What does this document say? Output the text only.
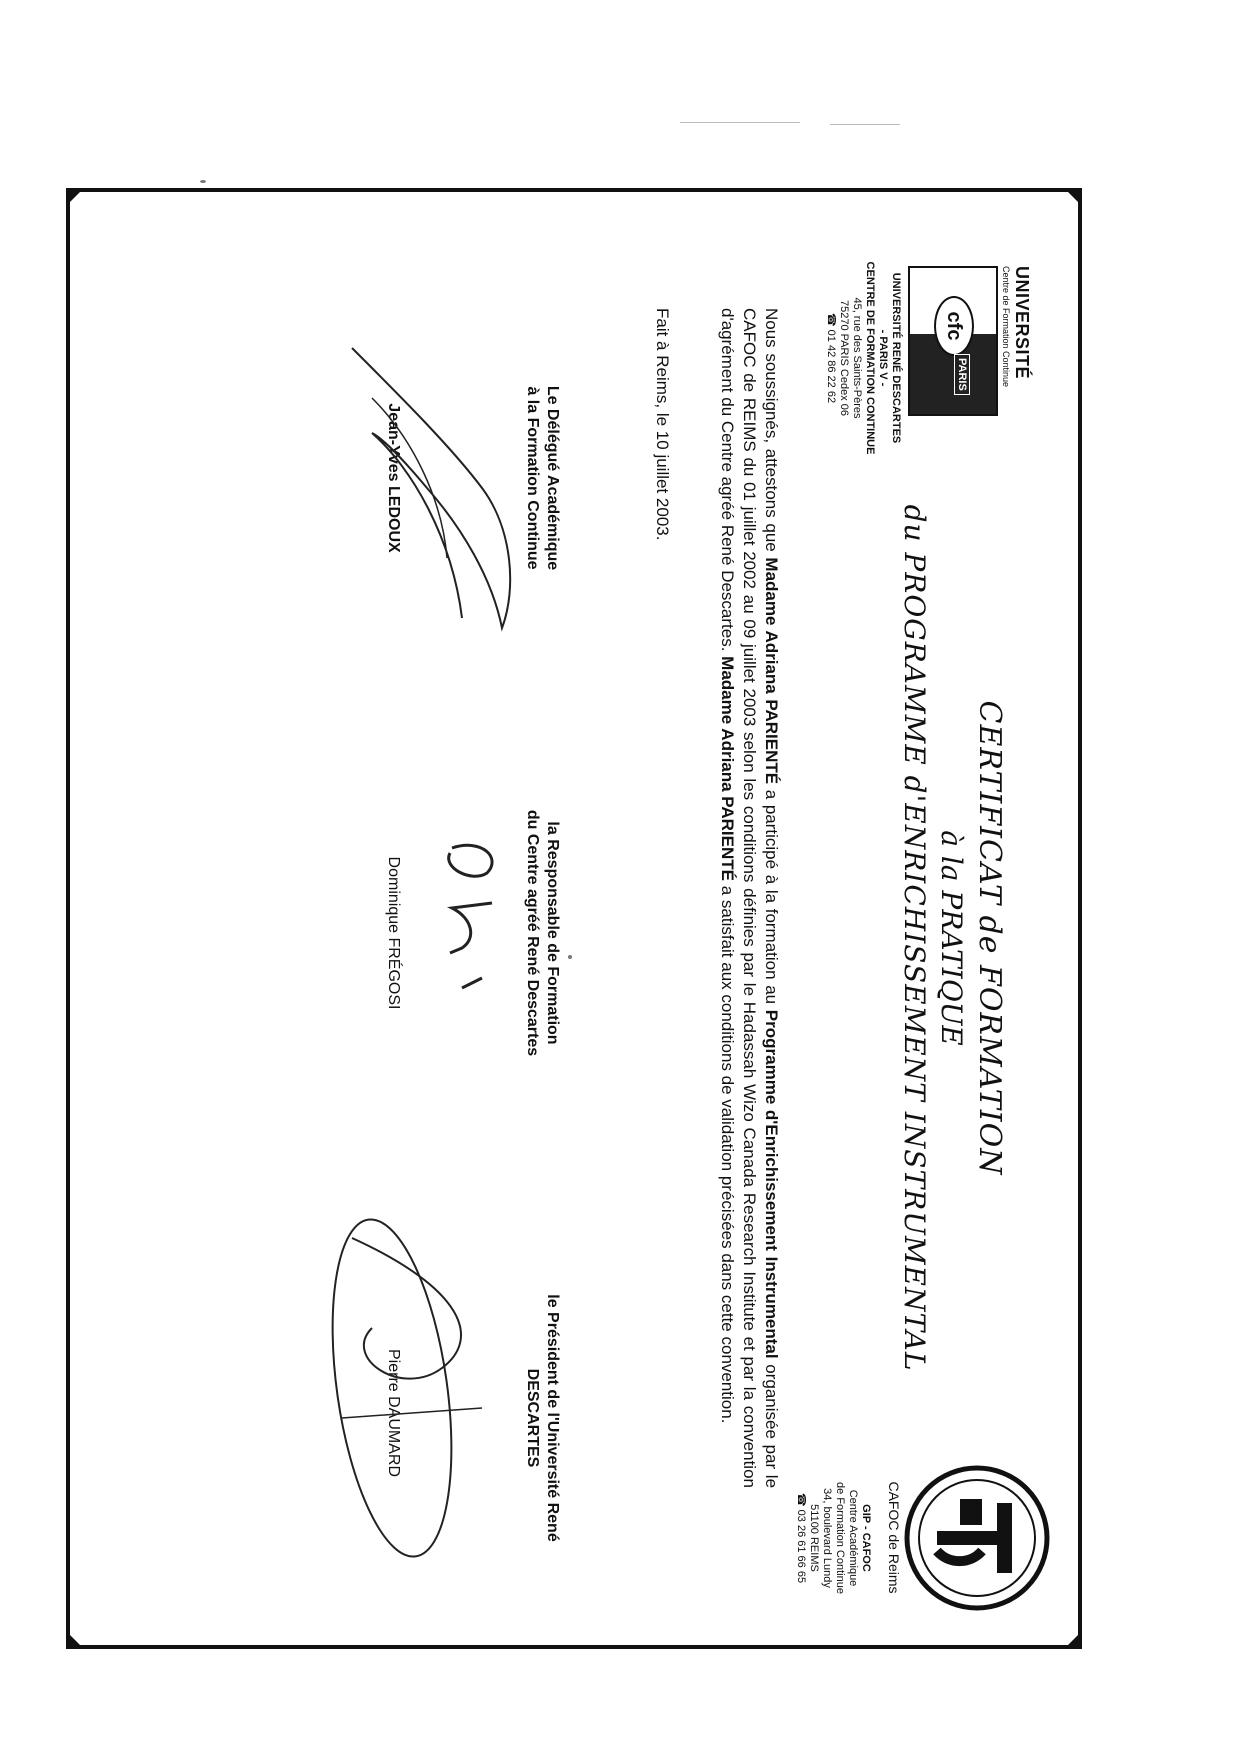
UNIVERSITÉ
Centre de Formation Continue
cfc
PARIS
UNIVERSITÉ RENÉ DESCARTES
- PARIS V -
CENTRE DE FORMATION CONTINUE
45, rue des Saints-Pères
75270 PARIS Cedex 06
☎ 01 42 86 22 62
CAFOC de Reims
GIP - CAFOC
Centre Académique
de Formation Continue
34, boulevard Lundy
51100 REIMS
☎ 03 26 61 66 65
CERTIFICAT de FORMATION
à la PRATIQUE
du PROGRAMME d'ENRICHISSEMENT INSTRUMENTAL
Nous soussignés, attestons que Madame Adriana PARIENTÉ a participé à la formation au Programme d'Enrichissement Instrumental organisée par le CAFOC de REIMS du 01 juillet 2002 au 09 juillet 2003 selon les conditions définies par le Hadassah Wizo Canada Research Institute et par la convention d'agrément du Centre agréé René Descartes. Madame Adriana PARIENTÉ a satisfait aux conditions de validation précisées dans cette convention.
Fait à Reims, le 10 juillet 2003.
Le Délégué Académique
à la Formation Continue
la Responsable de Formation
du Centre agréé René Descartes
le Président de l'Université René
DESCARTES
Jean-Yves LEDOUX
Dominique FRÉGOSI
Pierre DAUMARD
